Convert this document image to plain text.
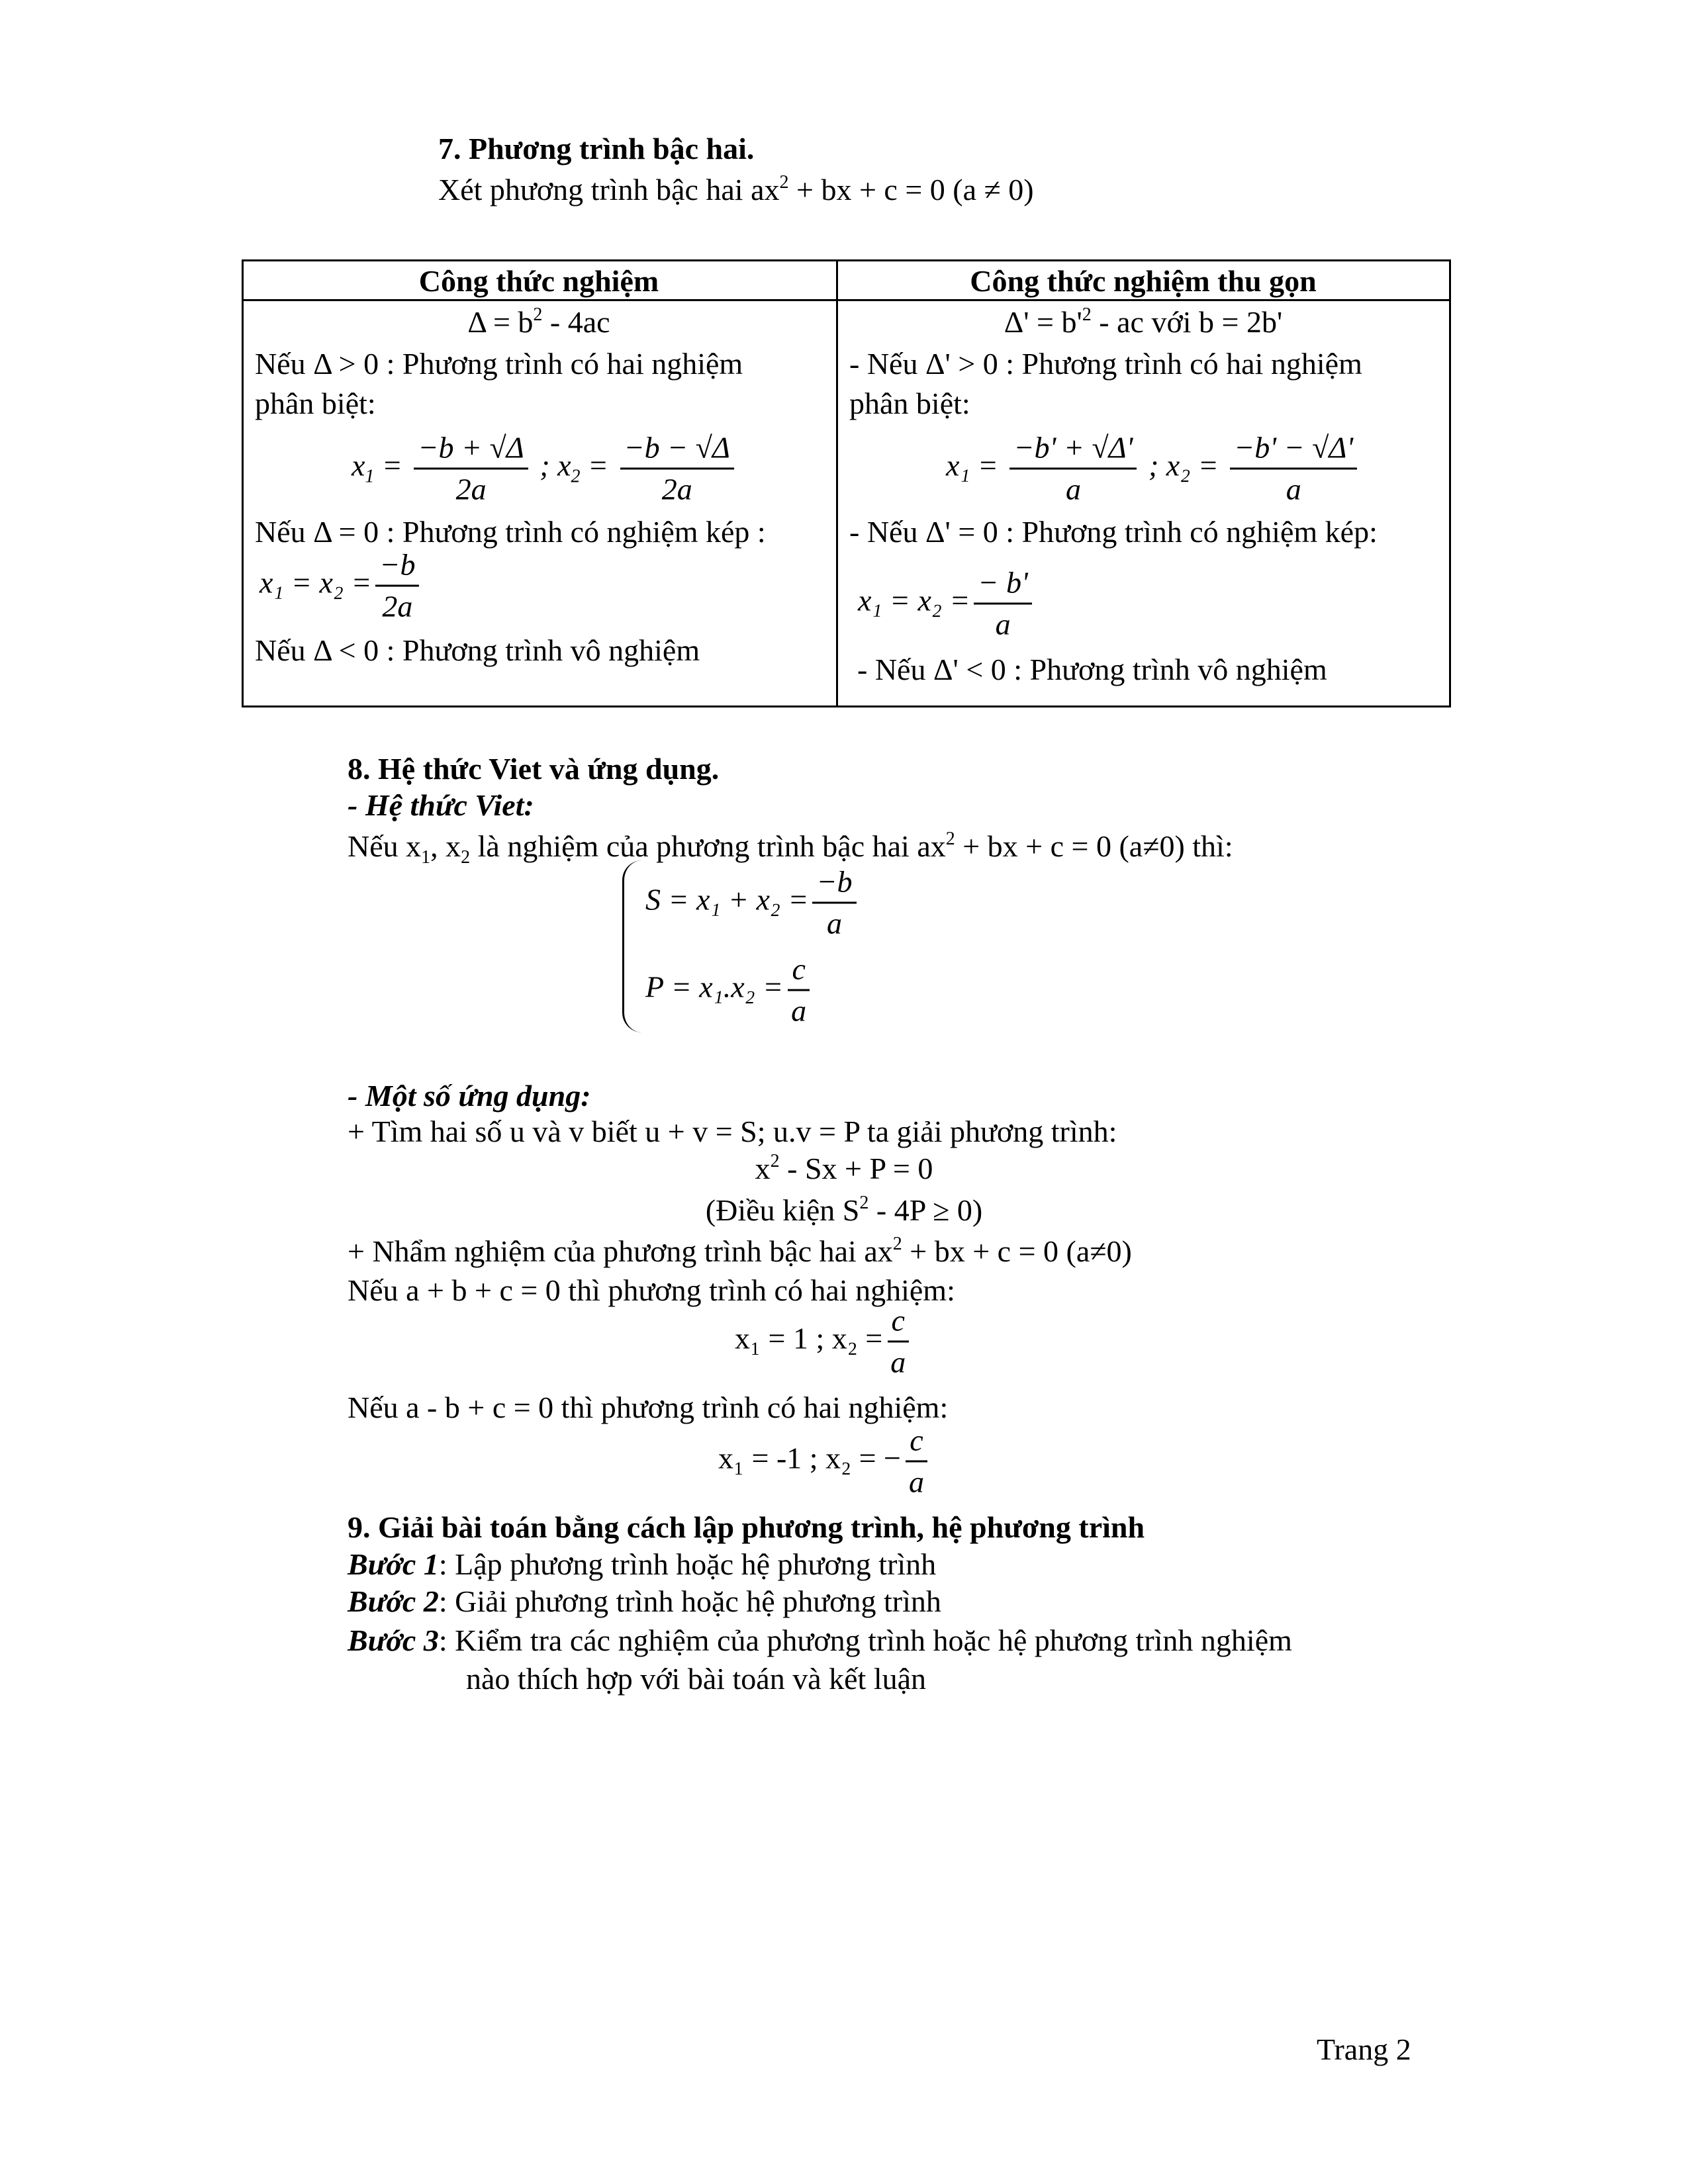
7. Phương trình bậc hai.
Xét phương trình bậc hai $ax^2$ + bx + c = 0 (a ≠ 0)
Công thức nghiệm	Công thức nghiệm thu gọn
$\Delta = b^2 - 4ac$
Nếu Δ > 0 : Phương trình có hai nghiệm
phân biệt:
$x_1 = \frac{-b + √\Delta}{2a}$ ; $x_2 = \frac{-b - √\Delta}{2a}$
Nếu Δ = 0 : Phương trình có nghiệm kép :
$x_1 = x_2 = \frac{-b}{2a}$
Nếu Δ < 0 : Phương trình vô nghiệm
$\Delta' = b'^2$ - ac với b = 2b'
- Nếu Δ' > 0 : Phương trình có hai nghiệm
phân biệt:
$x_1 = \frac{-b' + √\Delta'}{a}$ ; $x_2 = \frac{-b' - √\Delta'}{a}$
- Nếu Δ' = 0 : Phương trình có nghiệm kép:
$x_1 = x_2 = \frac{- b'}{a}$
- Nếu Δ' < 0 : Phương trình vô nghiệm
8. Hệ thức Viet và ứng dụng.
- Hệ thức Viet:
Nếu $x_1$, $x_2$ là nghiệm của phương trình bậc hai $ax^2$ + bx + c = 0 (a≠0) thì:
$S = x_1 + x_2 = \frac{-b}{a}$
$P = x_1.x_2 = \frac{c}{a}$
- Một số ứng dụng:
+ Tìm hai số u và v biết u + v = S; u.v = P ta giải phương trình:
$x^2 - Sx + P = 0$
(Điều kiện $S^2 - 4P \ge 0$)
+ Nhẩm nghiệm của phương trình bậc hai $ax^2$ + bx + c = 0 (a≠0)
Nếu a + b + c = 0 thì phương trình có hai nghiệm:
x₁ = 1 ; $x_2 = \frac{c}{a}$
Nếu a - b + c = 0 thì phương trình có hai nghiệm:
x₁ = -1 ; x₂ = − $\frac{c}{a}$
9. Giải bài toán bằng cách lập phương trình, hệ phương trình
Bước 1: Lập phương trình hoặc hệ phương trình
Bước 2: Giải phương trình hoặc hệ phương trình
Bước 3: Kiểm tra các nghiệm của phương trình hoặc hệ phương trình nghiệm
nào thích hợp với bài toán và kết luận
Trang 2
